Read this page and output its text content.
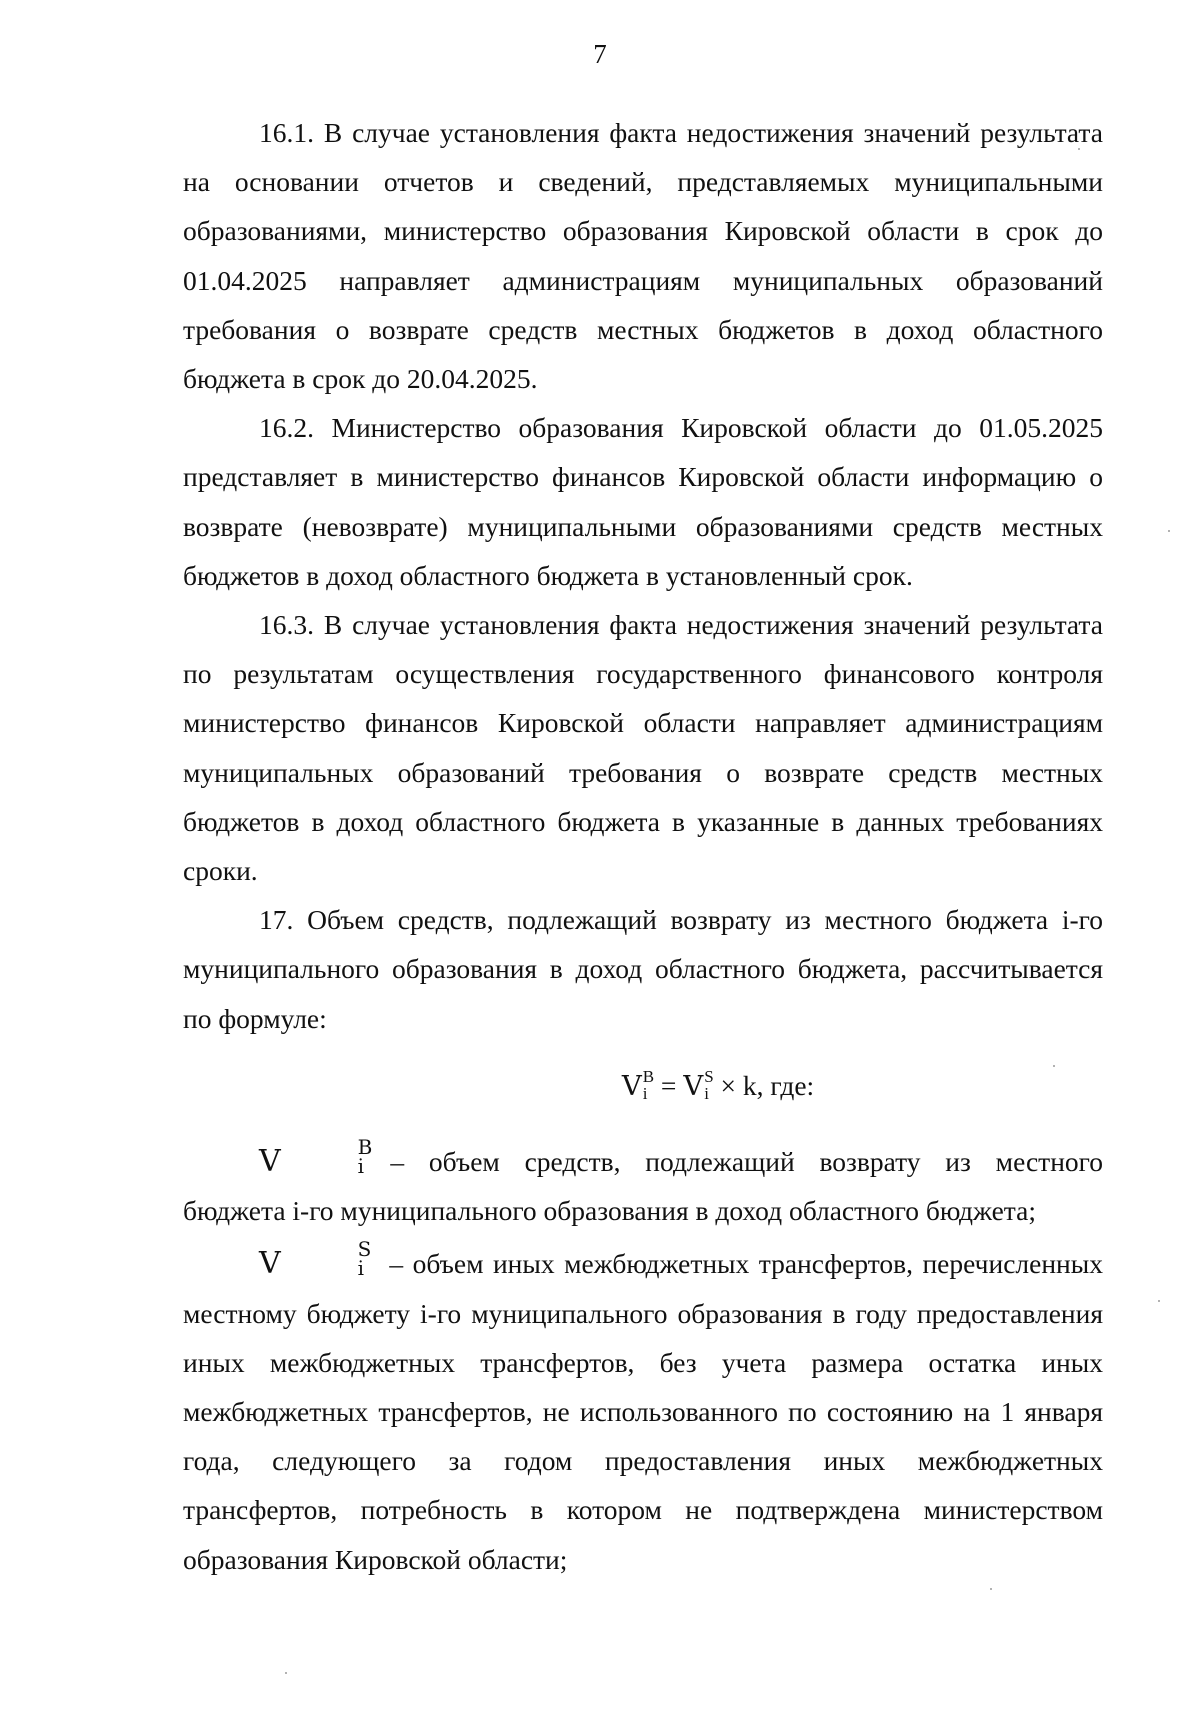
7

16.1. В случае установления факта недостижения значений результата на основании отчетов и сведений, представляемых муниципальными образованиями, министерство образования Кировской области в срок до 01.04.2025 направляет администрациям муниципальных образований требования о возврате средств местных бюджетов в доход областного бюджета в срок до 20.04.2025.

16.2. Министерство образования Кировской области до 01.05.2025 представляет в министерство финансов Кировской области информацию о возврате (невозврате) муниципальными образованиями средств местных бюджетов в доход областного бюджета в установленный срок.

16.3. В случае установления факта недостижения значений результата по результатам осуществления государственного финансового контроля министерство финансов Кировской области направляет администрациям муниципальных образований требования о возврате средств местных бюджетов в доход областного бюджета в указанные в данных требованиях сроки.

17. Объем средств, подлежащий возврату из местного бюджета i-го муниципального образования в доход областного бюджета, рассчитывается по формуле:

V B
i = V S
i × k, где:

V	B
i – объем средств, подлежащий возврату из местного бюджета i-го муниципального образования в доход областного бюджета;

V	S
i – объем иных межбюджетных трансфертов, перечисленных местному бюджету i-го муниципального образования в году предоставления иных межбюджетных трансфертов, без учета размера остатка иных межбюджетных трансфертов, не использованного по состоянию на 1 января года, следующего за годом предоставления иных межбюджетных трансфертов, потребность в котором не подтверждена министерством образования Кировской области;
